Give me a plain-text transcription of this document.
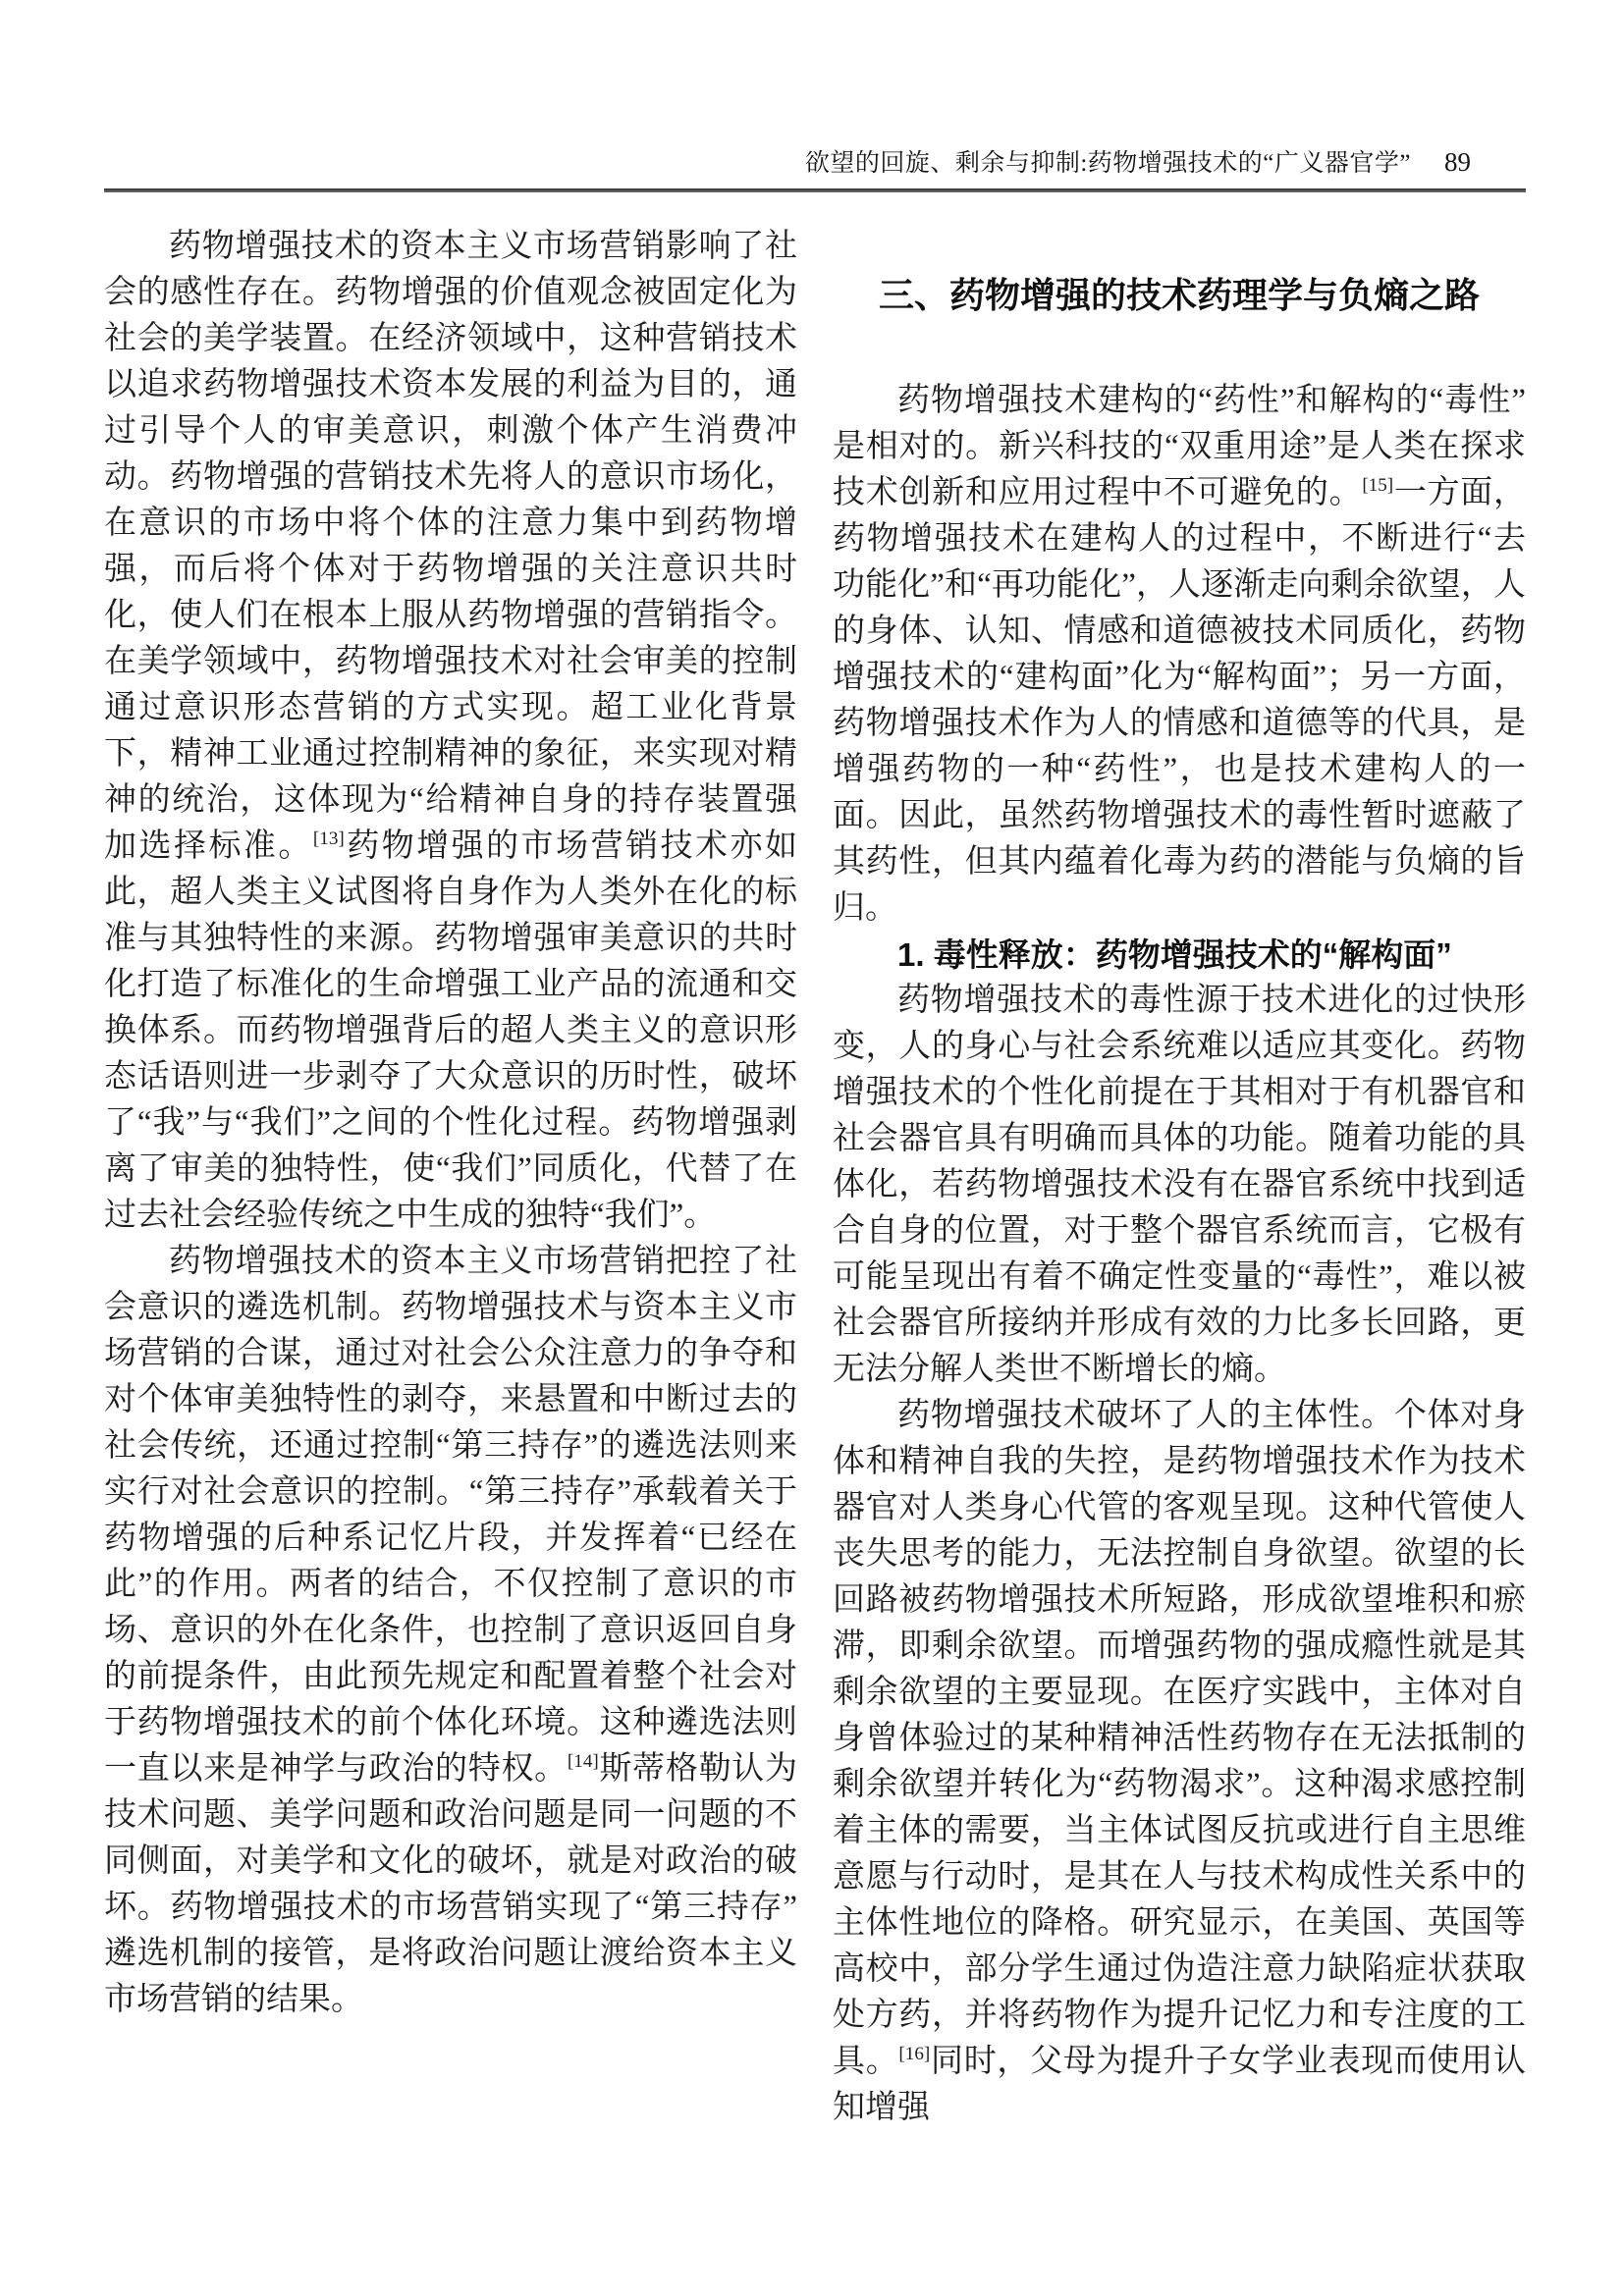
欲望的回旋、剩余与抑制:药物增强技术的“广义器官学” 89

药物增强技术的资本主义市场营销影响了社会的感性存在。药物增强的价值观念被固定化为社会的美学装置。在经济领域中，这种营销技术以追求药物增强技术资本发展的利益为目的，通过引导个人的审美意识，刺激个体产生消费冲动。药物增强的营销技术先将人的意识市场化，在意识的市场中将个体的注意力集中到药物增强，而后将个体对于药物增强的关注意识共时化，使人们在根本上服从药物增强的营销指令。在美学领域中，药物增强技术对社会审美的控制通过意识形态营销的方式实现。超工业化背景下，精神工业通过控制精神的象征，来实现对精神的统治，这体现为“给精神自身的持存装置强加选择标准。[13]药物增强的市场营销技术亦如此，超人类主义试图将自身作为人类外在化的标准与其独特性的来源。药物增强审美意识的共时化打造了标准化的生命增强工业产品的流通和交换体系。而药物增强背后的超人类主义的意识形态话语则进一步剥夺了大众意识的历时性，破坏了“我”与“我们”之间的个性化过程。药物增强剥离了审美的独特性，使“我们”同质化，代替了在过去社会经验传统之中生成的独特“我们”。

药物增强技术的资本主义市场营销把控了社会意识的遴选机制。药物增强技术与资本主义市场营销的合谋，通过对社会公众注意力的争夺和对个体审美独特性的剥夺，来悬置和中断过去的社会传统，还通过控制“第三持存”的遴选法则来实行对社会意识的控制。“第三持存”承载着关于药物增强的后种系记忆片段，并发挥着“已经在此”的作用。两者的结合，不仅控制了意识的市场、意识的外在化条件，也控制了意识返回自身的前提条件，由此预先规定和配置着整个社会对于药物增强技术的前个体化环境。这种遴选法则一直以来是神学与政治的特权。[14]斯蒂格勒认为技术问题、美学问题和政治问题是同一问题的不同侧面，对美学和文化的破坏，就是对政治的破坏。药物增强技术的市场营销实现了“第三持存”遴选机制的接管，是将政治问题让渡给资本主义市场营销的结果。

三、药物增强的技术药理学与负熵之路

药物增强技术建构的“药性”和解构的“毒性”是相对的。新兴科技的“双重用途”是人类在探求技术创新和应用过程中不可避免的。[15]一方面，药物增强技术在建构人的过程中，不断进行“去功能化”和“再功能化”，人逐渐走向剩余欲望，人的身体、认知、情感和道德被技术同质化，药物增强技术的“建构面”化为“解构面”；另一方面，药物增强技术作为人的情感和道德等的代具，是增强药物的一种“药性”，也是技术建构人的一面。因此，虽然药物增强技术的毒性暂时遮蔽了其药性，但其内蕴着化毒为药的潜能与负熵的旨归。

1. 毒性释放：药物增强技术的“解构面”

药物增强技术的毒性源于技术进化的过快形变，人的身心与社会系统难以适应其变化。药物增强技术的个性化前提在于其相对于有机器官和社会器官具有明确而具体的功能。随着功能的具体化，若药物增强技术没有在器官系统中找到适合自身的位置，对于整个器官系统而言，它极有可能呈现出有着不确定性变量的“毒性”，难以被社会器官所接纳并形成有效的力比多长回路，更无法分解人类世不断增长的熵。

药物增强技术破坏了人的主体性。个体对身体和精神自我的失控，是药物增强技术作为技术器官对人类身心代管的客观呈现。这种代管使人丧失思考的能力，无法控制自身欲望。欲望的长回路被药物增强技术所短路，形成欲望堆积和瘀滞，即剩余欲望。而增强药物的强成瘾性就是其剩余欲望的主要显现。在医疗实践中，主体对自身曾体验过的某种精神活性药物存在无法抵制的剩余欲望并转化为“药物渴求”。这种渴求感控制着主体的需要，当主体试图反抗或进行自主思维意愿与行动时，是其在人与技术构成性关系中的主体性地位的降格。研究显示，在美国、英国等高校中，部分学生通过伪造注意力缺陷症状获取处方药，并将药物作为提升记忆力和专注度的工具。[16]同时，父母为提升子女学业表现而使用认知增强
